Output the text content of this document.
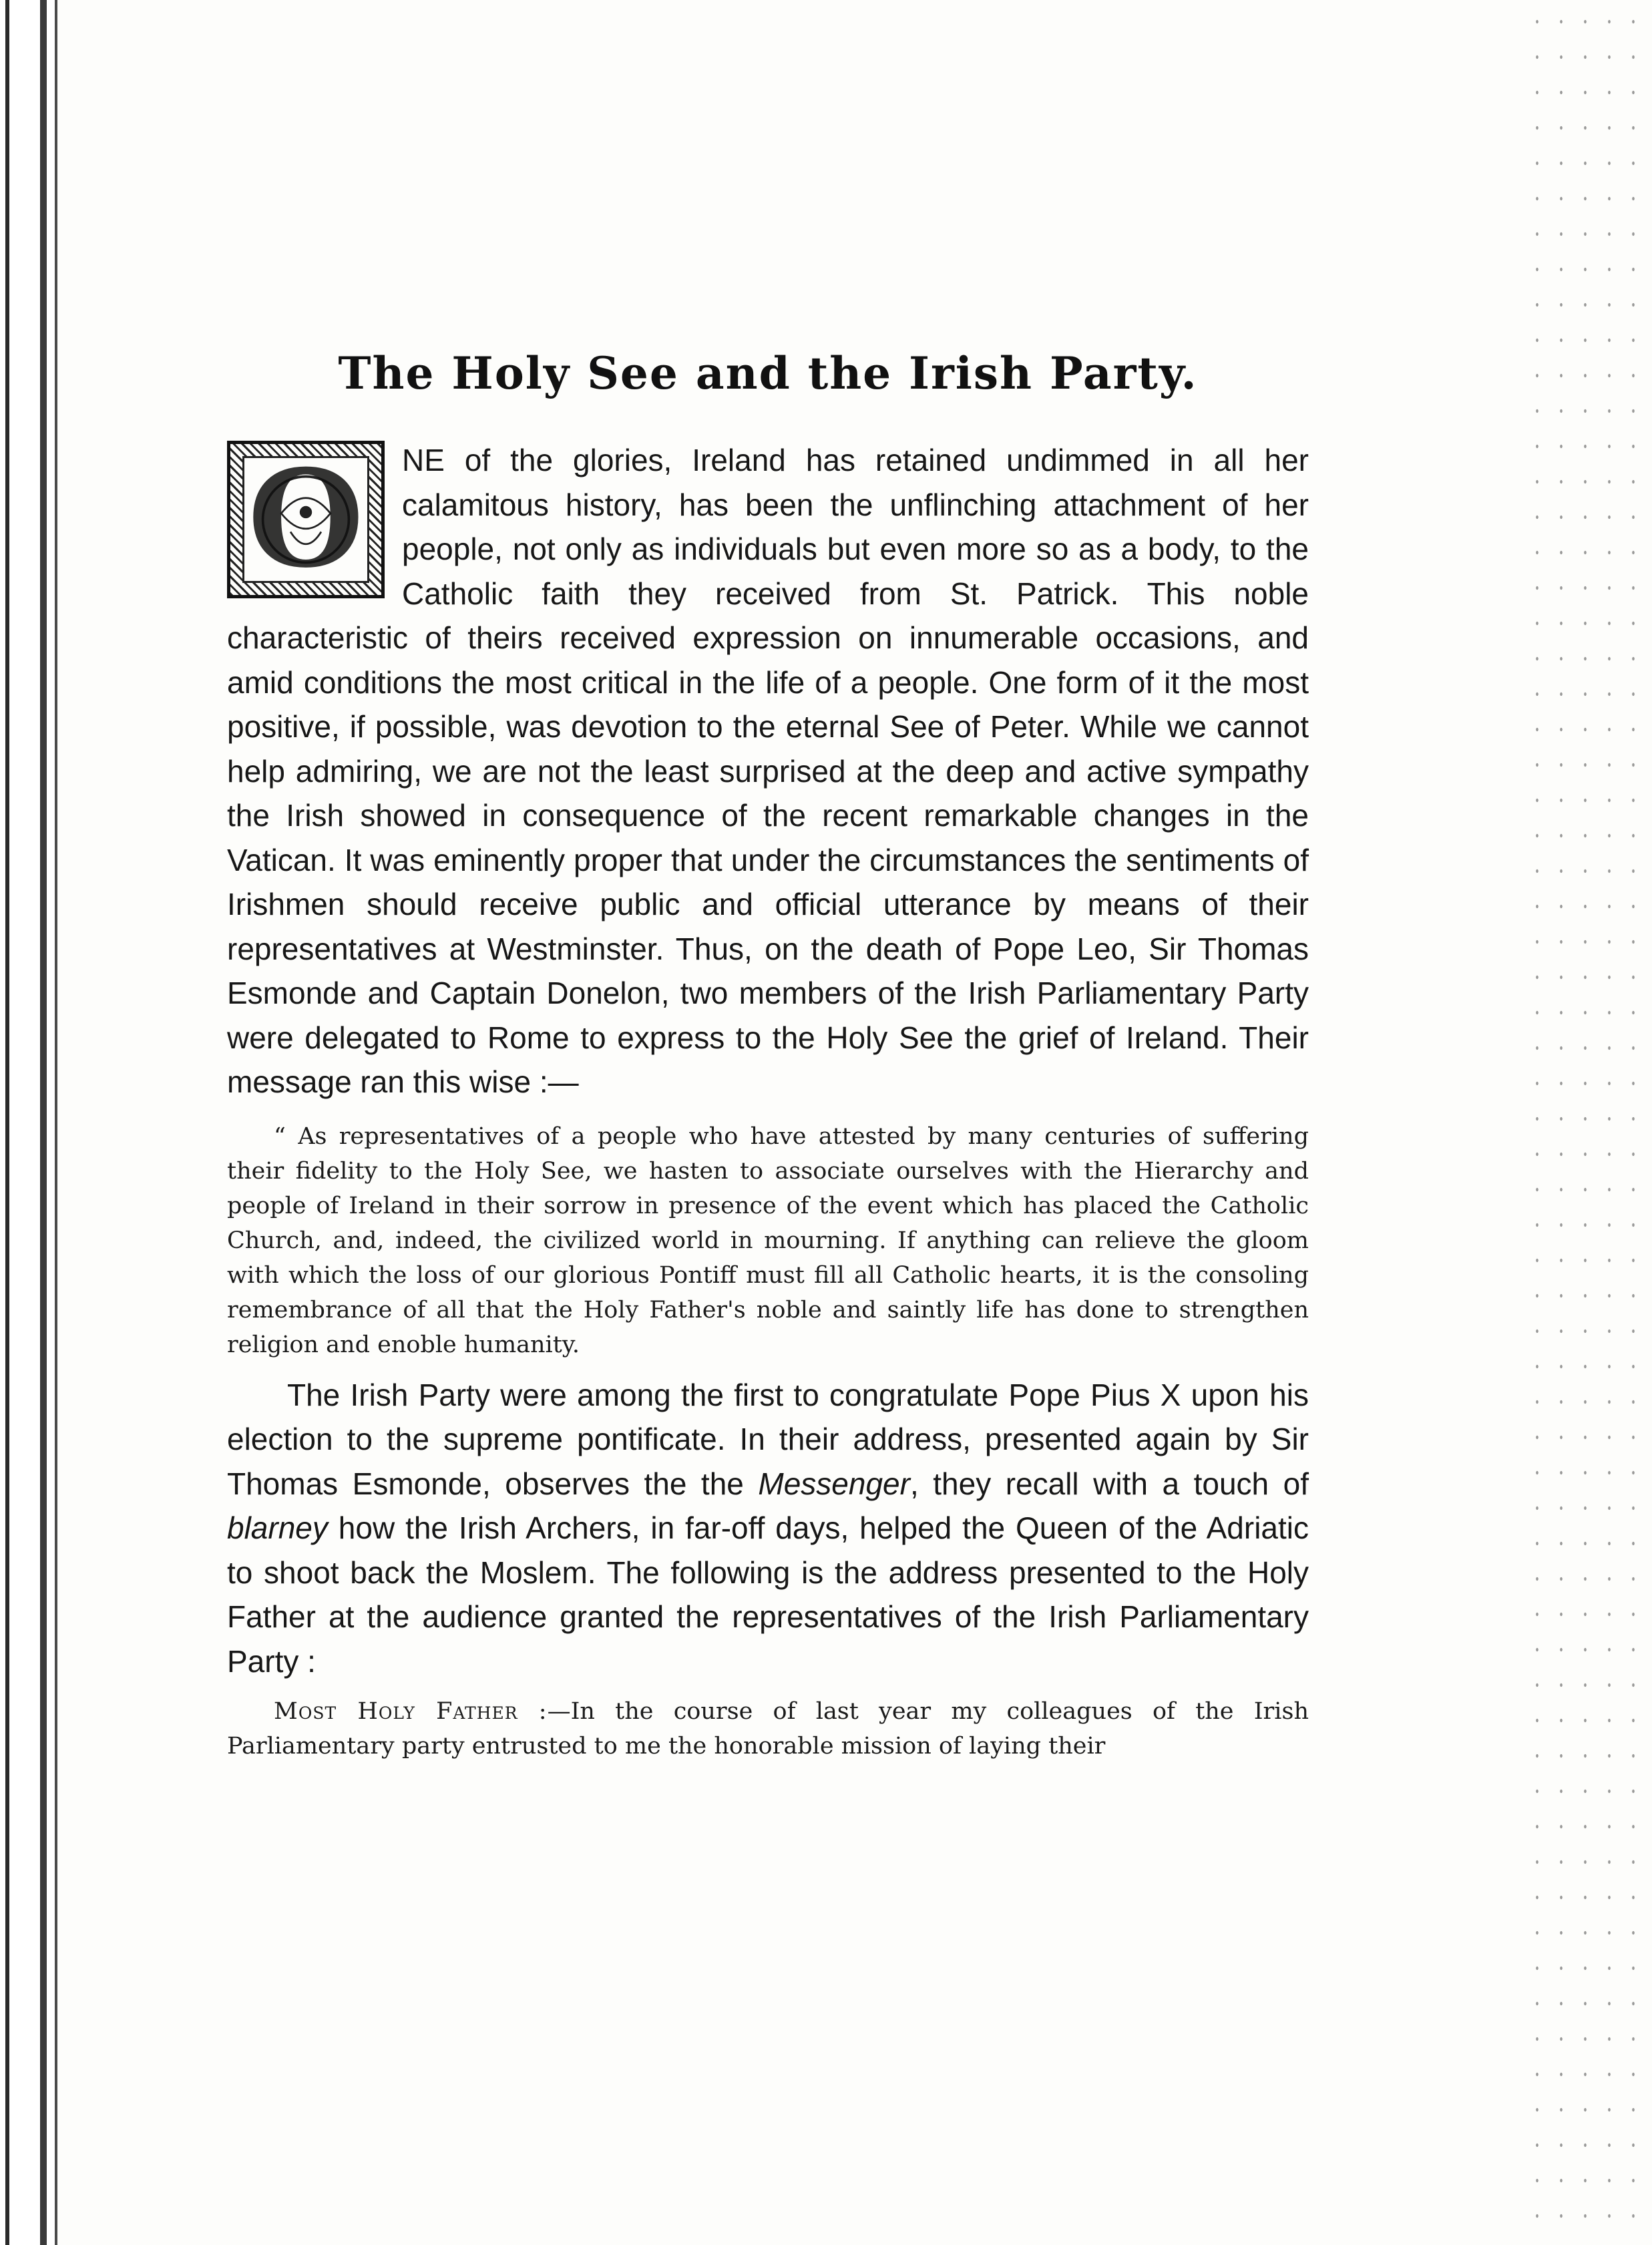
The Holy See and the Irish Party.
O	NE of the glories, Ireland has retained undimmed in all her calamitous history, has been the unflinching attachment of her people, not only as individuals but even more so as a body, to the Catholic faith they received from St. Patrick. This noble characteristic of theirs received expression on innumerable occasions, and amid conditions the most critical in the life of a people. One form of it the most positive, if possible, was devotion to the eternal See of Peter. While we cannot help admiring, we are not the least surprised at the deep and active sympathy the Irish showed in consequence of the recent remarkable changes in the Vatican. It was eminently proper that under the circumstances the sentiments of Irishmen should receive public and official utterance by means of their representatives at Westminster. Thus, on the death of Pope Leo, Sir Thomas Esmonde and Captain Donelon, two members of the Irish Parliamentary Party were delegated to Rome to express to the Holy See the grief of Ireland. Their message ran this wise :—

“ As representatives of a people who have attested by many centuries of suffering their fidelity to the Holy See, we hasten to associate ourselves with the Hierarchy and people of Ireland in their sorrow in presence of the event which has placed the Catholic Church, and, indeed, the civilized world in mourning. If anything can relieve the gloom with which the loss of our glorious Pontiff must fill all Catholic hearts, it is the consoling remembrance of all that the Holy Father's noble and saintly life has done to strengthen religion and enoble humanity.

The Irish Party were among the first to congratulate Pope Pius X upon his election to the supreme pontificate. In their address, presented again by Sir Thomas Esmonde, observes the the Messenger, they recall with a touch of blarney how the Irish Archers, in far-off days, helped the Queen of the Adriatic to shoot back the Moslem. The following is the address presented to the Holy Father at the audience granted the representatives of the Irish Parliamentary Party :

Most Holy Father :—In the course of last year my colleagues of the Irish Parliamentary party entrusted to me the honorable mission of laying their
